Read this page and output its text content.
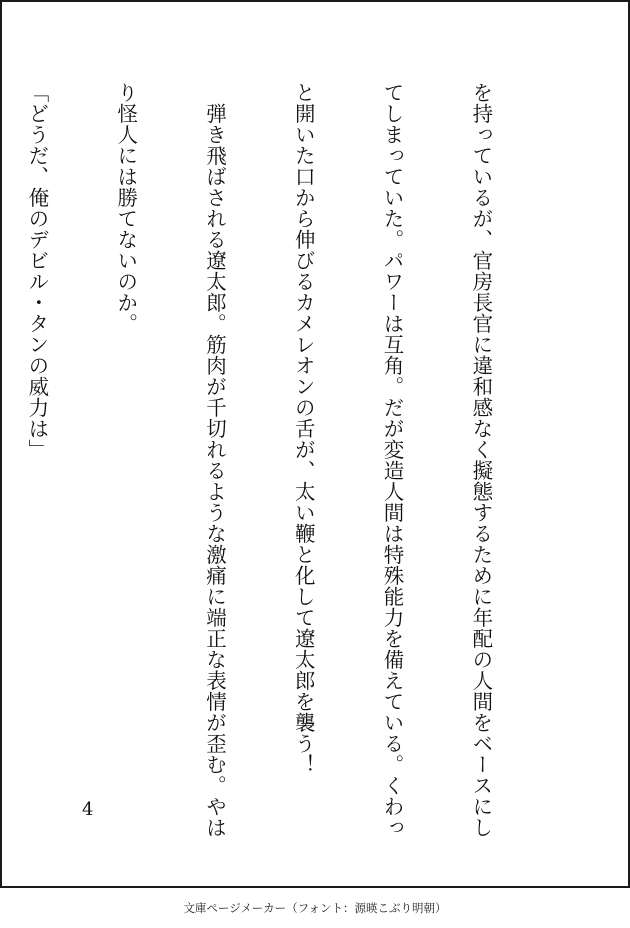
を持っているが、官房長官に違和感なく擬態するために年配の人間をベースにし

てしまっていた。パワーは互角。だが変造人間は特殊能力を備えている。くわっ

と開いた口から伸びるカメレオンの舌が、太い鞭と化して遼太郎を襲う！

　弾き飛ばされる遼太郎。筋肉が千切れるような激痛に端正な表情が歪む。やは

り怪人には勝てないのか。

「どうだ、俺のデビル・タンの威力は」

4
文庫ページメーカー（フォント：源暎こぶり明朝）
